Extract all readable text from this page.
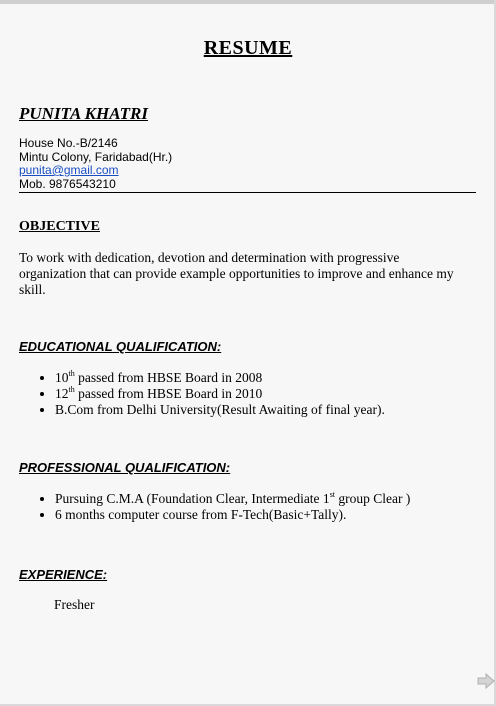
RESUME
PUNITA KHATRI
House No.-B/2146
Mintu Colony, Faridabad(Hr.)
punita@gmail.com
Mob. 9876543210
OBJECTIVE
To work with dedication, devotion and determination with progressive organization that can provide example opportunities to improve and enhance my skill.
EDUCATIONAL QUALIFICATION:
• 10th passed from HBSE Board in 2008
• 12th passed from HBSE Board in 2010
• B.Com from Delhi University(Result Awaiting of final year).
PROFESSIONAL QUALIFICATION:
• Pursuing C.M.A (Foundation Clear, Intermediate 1st group Clear )
• 6 months computer course from F-Tech(Basic+Tally).
EXPERIENCE:
Fresher
